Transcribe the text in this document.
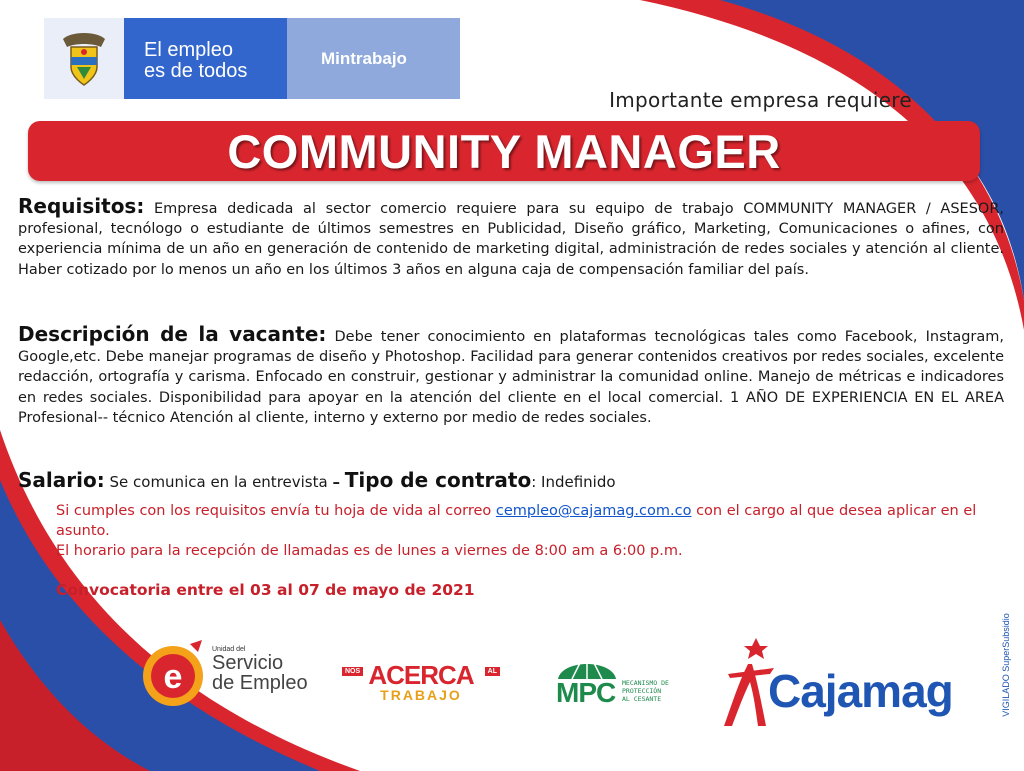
El empleo
es de todos
Mintrabajo
Importante empresa requiere
COMMUNITY MANAGER
Requisitos: Empresa dedicada al sector comercio requiere para su equipo de trabajo COMMUNITY MANAGER / ASESOR, profesional, tecnólogo o estudiante de últimos semestres en Publicidad, Diseño gráfico, Marketing, Comunicaciones o afines, con experiencia mínima de un año en generación de contenido de marketing digital, administración de redes sociales y atención al cliente. Haber cotizado por lo menos un año en los últimos 3 años en alguna caja de compensación familiar del país.
Descripción de la vacante: Debe tener conocimiento en plataformas tecnológicas tales como Facebook, Instagram, Google,etc. Debe manejar programas de diseño y Photoshop. Facilidad para generar contenidos creativos por redes sociales, excelente redacción, ortografía y carisma. Enfocado en construir, gestionar y administrar la comunidad online. Manejo de métricas e indicadores en redes sociales. Disponibilidad para apoyar en la atención del cliente en el local comercial. 1 AÑO DE EXPERIENCIA EN EL AREA Profesional-- técnico Atención al cliente, interno y externo por medio de redes sociales.
Salario: Se comunica en la entrevista – Tipo de contrato: Indefinido
Si cumples con los requisitos envía tu hoja de vida al correo cempleo@cajamag.com.co con el cargo al que desea aplicar en el asunto.
El horario para la recepción de llamadas es de lunes a viernes de 8:00 am a 6:00 p.m.
Convocatoria entre el 03 al 07 de mayo de 2021
e
Unidad del
Servicio
de Empleo
NOS ACERCA	AL
TRABAJO	MPC MECANISMO DE
PROTECCIÓN
AL CESANTE Cajamag	VIGILADO SuperSubsidio
